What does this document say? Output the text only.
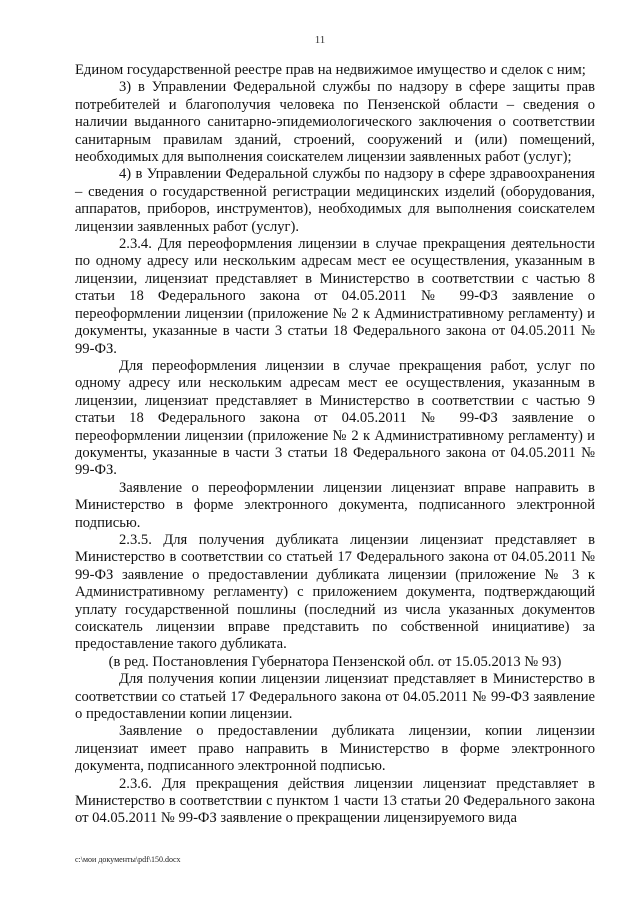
11

Едином государственной реестре прав на недвижимое имущество и сделок с ним;

3) в Управлении Федеральной службы по надзору в сфере защиты прав потребителей и благополучия человека по Пензенской области – сведения о наличии выданного санитарно-эпидемиологического заключения о соответствии санитарным правилам зданий, строений, сооружений и (или) помещений, необходимых для выполнения соискателем лицензии заявленных работ (услуг);

4) в Управлении Федеральной службы по надзору в сфере здравоохранения – сведения о государственной регистрации медицинских изделий (оборудования, аппаратов, приборов, инструментов), необходимых для выполнения соискателем лицензии заявленных работ (услуг).

2.3.4. Для переоформления лицензии в случае прекращения деятельности по одному адресу или нескольким адресам мест ее осуществления, указанным в лицензии, лицензиат представляет в Министерство в соответствии с частью 8 статьи 18 Федерального закона от 04.05.2011 № 99-ФЗ заявление о переоформлении лицензии (приложение № 2 к Административному регламенту) и документы, указанные в части 3 статьи 18 Федерального закона от 04.05.2011 № 99-ФЗ.

Для переоформления лицензии в случае прекращения работ, услуг по одному адресу или нескольким адресам мест ее осуществления, указанным в лицензии, лицензиат представляет в Министерство в соответствии с частью 9 статьи 18 Федерального закона от 04.05.2011 № 99-ФЗ заявление о переоформлении лицензии (приложение № 2 к Административному регламенту) и документы, указанные в части 3 статьи 18 Федерального закона от 04.05.2011 № 99-ФЗ.

Заявление о переоформлении лицензии лицензиат вправе направить в Министерство в форме электронного документа, подписанного электронной подписью.

2.3.5. Для получения дубликата лицензии лицензиат представляет в Министерство в соответствии со статьей 17 Федерального закона от 04.05.2011 № 99-ФЗ заявление о предоставлении дубликата лицензии (приложение № 3 к Административному регламенту) с приложением документа, подтверждающий уплату государственной пошлины (последний из числа указанных документов соискатель лицензии вправе представить по собственной инициативе) за предоставление такого дубликата.

(в ред. Постановления Губернатора Пензенской обл. от 15.05.2013 № 93)

Для получения копии лицензии лицензиат представляет в Министерство в соответствии со статьей 17 Федерального закона от 04.05.2011 № 99-ФЗ заявление о предоставлении копии лицензии.

Заявление о предоставлении дубликата лицензии, копии лицензии лицензиат имеет право направить в Министерство в форме электронного документа, подписанного электронной подписью.

2.3.6. Для прекращения действия лицензии лицензиат представляет в Министерство в соответствии с пунктом 1 части 13 статьи 20 Федерального закона от 04.05.2011 № 99-ФЗ заявление о прекращении лицензируемого вида

c:\мои документы\pdf\150.docx
